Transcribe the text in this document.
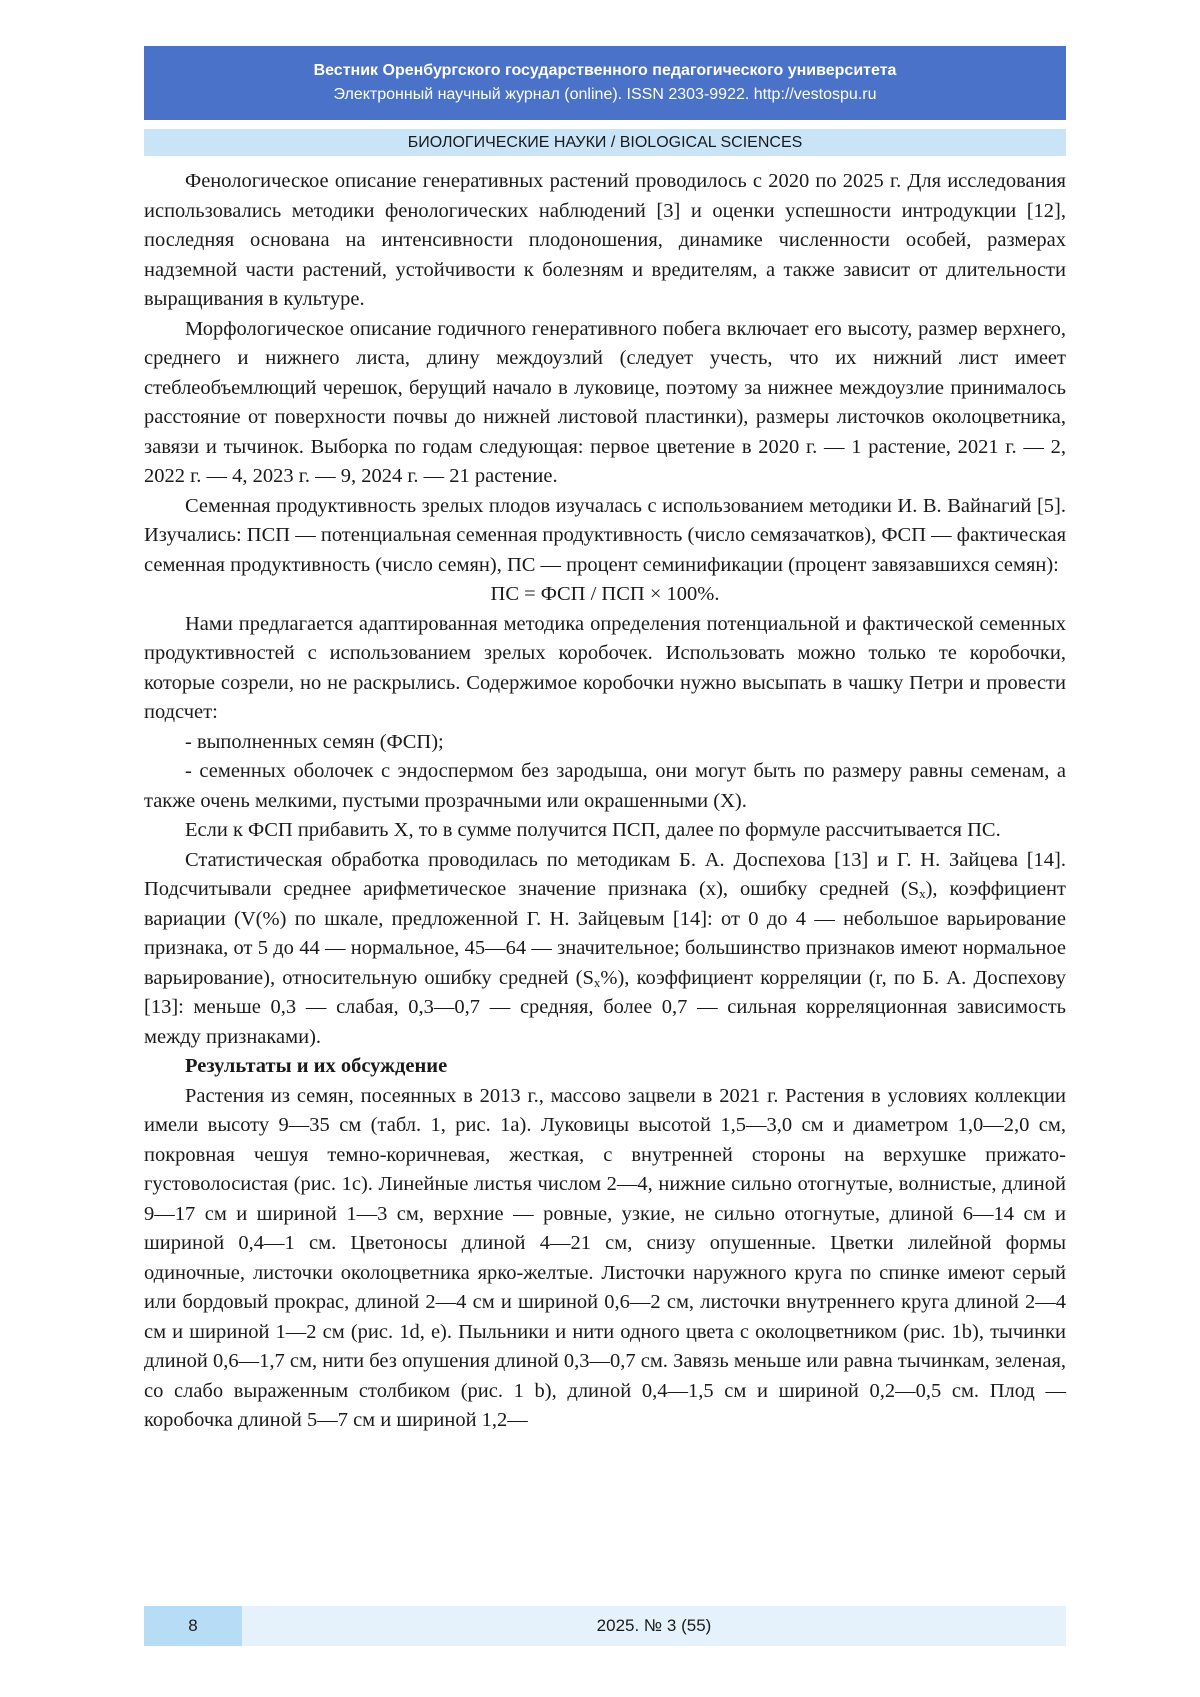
Вестник Оренбургского государственного педагогического университета
Электронный научный журнал (online). ISSN 2303-9922. http://vestospu.ru
БИОЛОГИЧЕСКИЕ НАУКИ / BIOLOGICAL SCIENCES

Фенологическое описание генеративных растений проводилось с 2020 по 2025 г. Для исследования использовались методики фенологических наблюдений [3] и оценки успешности интродукции [12], последняя основана на интенсивности плодоношения, динамике численности особей, размерах надземной части растений, устойчивости к болезням и вредителям, а также зависит от длительности выращивания в культуре.

Морфологическое описание годичного генеративного побега включает его высоту, размер верхнего, среднего и нижнего листа, длину междоузлий (следует учесть, что их нижний лист имеет стеблеобъемлющий черешок, берущий начало в луковице, поэтому за нижнее междоузлие принималось расстояние от поверхности почвы до нижней листовой пластинки), размеры листочков околоцветника, завязи и тычинок. Выборка по годам следующая: первое цветение в 2020 г. — 1 растение, 2021 г. — 2, 2022 г. — 4, 2023 г. — 9, 2024 г. — 21 растение.

Семенная продуктивность зрелых плодов изучалась с использованием методики И. В. Вайнагий [5]. Изучались: ПСП — потенциальная семенная продуктивность (число семязачатков), ФСП — фактическая семенная продуктивность (число семян), ПС — процент семинификации (процент завязавшихся семян):

ПС = ФСП / ПСП × 100%.

Нами предлагается адаптированная методика определения потенциальной и фактической семенных продуктивностей с использованием зрелых коробочек. Использовать можно только те коробочки, которые созрели, но не раскрылись. Содержимое коробочки нужно высыпать в чашку Петри и провести подсчет:

- выполненных семян (ФСП);

- семенных оболочек с эндоспермом без зародыша, они могут быть по размеру равны семенам, а также очень мелкими, пустыми прозрачными или окрашенными (X).

Если к ФСП прибавить X, то в сумме получится ПСП, далее по формуле рассчитывается ПС.

Статистическая обработка проводилась по методикам Б. А. Доспехова [13] и Г. Н. Зайцева [14]. Подсчитывали среднее арифметическое значение признака (x), ошибку средней $(S_x)$, коэффициент вариации (V(%) по шкале, предложенной Г. Н. Зайцевым [14]: от 0 до 4 — небольшое варьирование признака, от 5 до 44 — нормальное, 45—64 — значительное; большинство признаков имеют нормальное варьирование), относительную ошибку средней $(S_x\%)$, коэффициент корреляции (r, по Б. А. Доспехову [13]: меньше 0,3 — слабая, 0,3—0,7 — средняя, более 0,7 — сильная корреляционная зависимость между признаками).

Результаты и их обсуждение

Растения из семян, посеянных в 2013 г., массово зацвели в 2021 г. Растения в условиях коллекции имели высоту 9—35 см (табл. 1, рис. 1a). Луковицы высотой 1,5—3,0 см и диаметром 1,0—2,0 см, покровная чешуя темно-коричневая, жесткая, с внутренней стороны на верхушке прижато-густоволосистая (рис. 1c). Линейные листья числом 2—4, нижние сильно отогнутые, волнистые, длиной 9—17 см и шириной 1—3 см, верхние — ровные, узкие, не сильно отогнутые, длиной 6—14 см и шириной 0,4—1 см. Цветоносы длиной 4—21 см, снизу опушенные. Цветки лилейной формы одиночные, листочки околоцветника ярко-желтые. Листочки наружного круга по спинке имеют серый или бордовый прокрас, длиной 2—4 см и шириной 0,6—2 см, листочки внутреннего круга длиной 2—4 см и шириной 1—2 см (рис. 1d, e). Пыльники и нити одного цвета с околоцветником (рис. 1b), тычинки длиной 0,6—1,7 см, нити без опушения длиной 0,3—0,7 см. Завязь меньше или равна тычинкам, зеленая, со слабо выраженным столбиком (рис. 1 b), длиной 0,4—1,5 см и шириной 0,2—0,5 см. Плод — коробочка длиной 5—7 см и шириной 1,2—

8	2025. № 3 (55)
